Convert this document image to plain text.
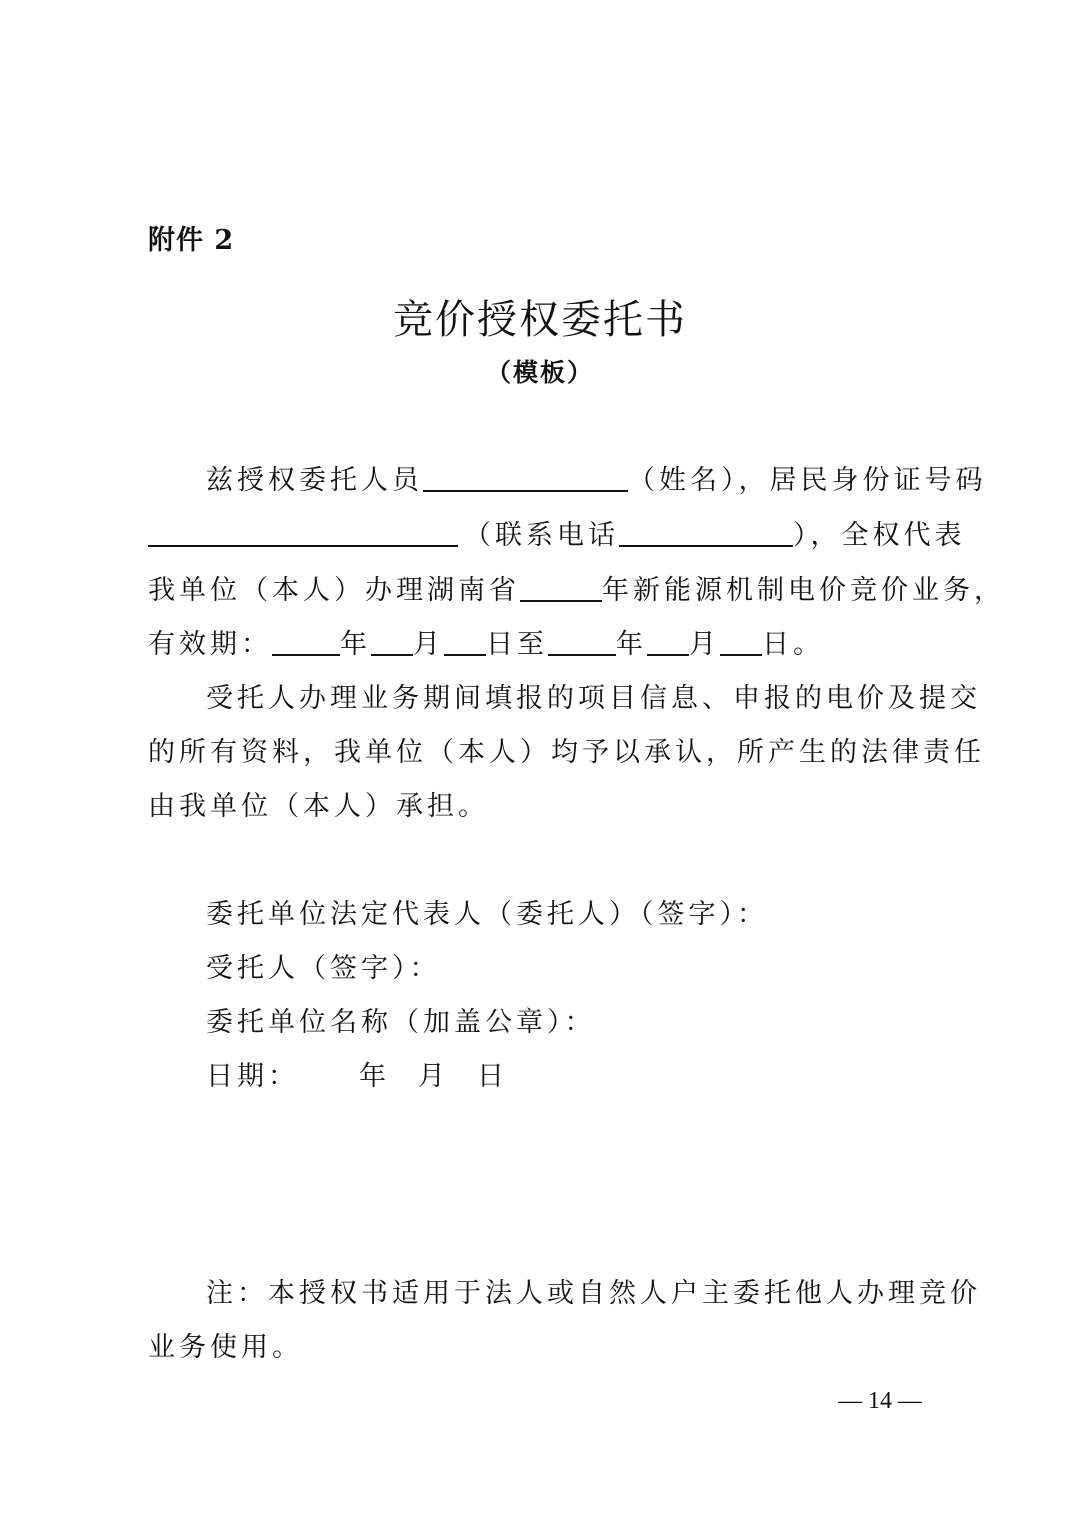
附件 2
竞价授权委托书
（模板）
兹授权委托人员	（姓名），居民身份证号码
（联系电话	），全权代表
我单位（本人）办理湖南省	年新能源机制电价竞价业务，
有效期：	年 月 日至	年 月 日。
受托人办理业务期间填报的项目信息、申报的电价及提交
的所有资料，我单位（本人）均予以承认，所产生的法律责任
由我单位（本人）承担。
委托单位法定代表人（委托人）（签字）：
受托人（签字）：
委托单位名称（加盖公章）：
日期： 年 月 日
注：本授权书适用于法人或自然人户主委托他人办理竞价
业务使用。
— 14 —
